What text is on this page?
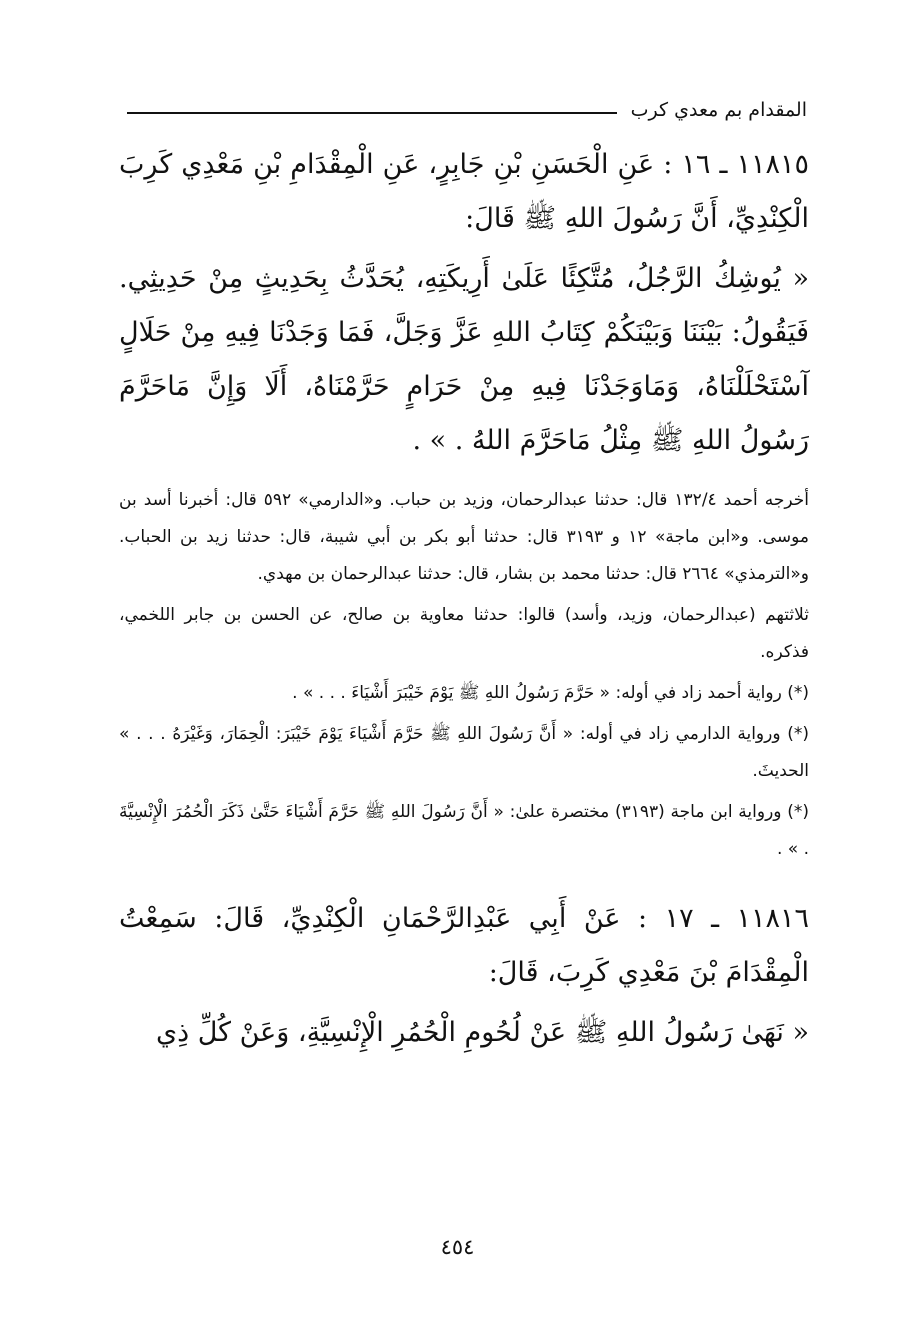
المقدام بم معدي كرب

١١٨١٥ ـ ١٦ : عَنِ الْحَسَنِ بْنِ جَابِرٍ، عَنِ الْمِقْدَامِ بْنِ مَعْدِي كَرِبَ الْكِنْدِيِّ، أَنَّ رَسُولَ اللهِ ﷺ قَالَ:

« يُوشِكُ الرَّجُلُ، مُتَّكِئًا عَلَىٰ أَرِيكَتِهِ، يُحَدَّثُ بِحَدِيثٍ مِنْ حَدِيثِي. فَيَقُولُ: بَيْنَنَا وَبَيْنَكُمْ كِتَابُ اللهِ عَزَّ وَجَلَّ، فَمَا وَجَدْنَا فِيهِ مِنْ حَلَالٍ آسْتَحْلَلْنَاهُ، وَمَاوَجَدْنَا فِيهِ مِنْ حَرَامٍ حَرَّمْنَاهُ، أَلَا وَإِنَّ مَاحَرَّمَ رَسُولُ اللهِ ﷺ مِثْلُ مَاحَرَّمَ اللهُ . » .

أخرجه أحمد ١٣٢/٤ قال: حدثنا عبدالرحمان، وزيد بن حباب. و«الدارمي» ٥٩٢ قال: أخبرنا أسد بن موسى. و«ابن ماجة» ١٢ و ٣١٩٣ قال: حدثنا أبو بكر بن أبي شيبة، قال: حدثنا زيد بن الحباب. و«الترمذي» ٢٦٦٤ قال: حدثنا محمد بن بشار، قال: حدثنا عبدالرحمان بن مهدي.

ثلاثتهم (عبدالرحمان، وزيد، وأسد) قالوا: حدثنا معاوية بن صالح، عن الحسن بن جابر اللخمي، فذكره.

(*) رواية أحمد زاد في أوله: « حَرَّمَ رَسُولُ اللهِ ﷺ يَوْمَ خَيْبَرَ أَشْيَاءَ . . . » .

(*) ورواية الدارمي زاد في أوله: « أَنَّ رَسُولَ اللهِ ﷺ حَرَّمَ أَشْيَاءَ يَوْمَ خَيْبَرَ: الْحِمَارَ، وَغَيْرَهُ . . . » الحديثَ.

(*) ورواية ابن ماجة (٣١٩٣) مختصرة علىٰ: « أَنَّ رَسُولَ اللهِ ﷺ حَرَّمَ أَشْيَاءَ حَتَّىٰ ذَكَرَ الْحُمُرَ الْإِنْسِيَّةَ . » .

١١٨١٦ ـ ١٧ : عَنْ أَبِي عَبْدِالرَّحْمَانِ الْكِنْدِيِّ، قَالَ: سَمِعْتُ الْمِقْدَامَ بْنَ مَعْدِي كَرِبَ، قَالَ:

« نَهَىٰ رَسُولُ اللهِ ﷺ عَنْ لُحُومِ الْحُمُرِ الْإِنْسِيَّةِ، وَعَنْ كُلِّ ذِي

٤٥٤
